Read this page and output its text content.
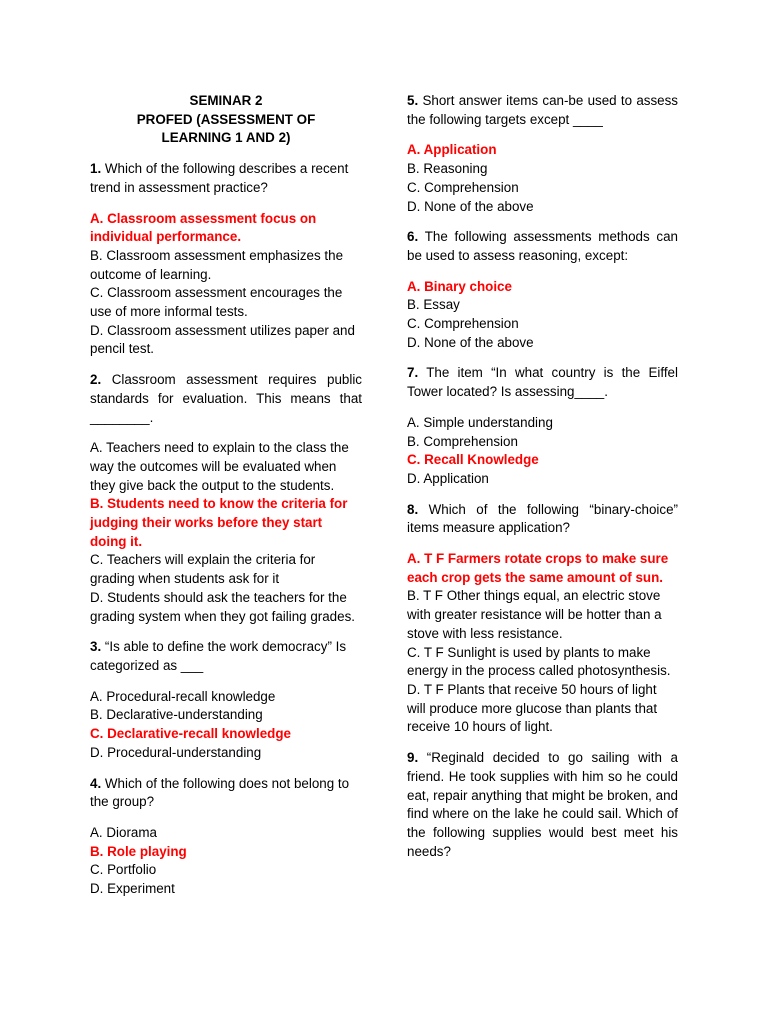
SEMINAR 2
PROFED (ASSESSMENT OF
LEARNING 1 AND 2)
1. Which of the following describes a recent trend in assessment practice?
A. Classroom assessment focus on individual performance.
B. Classroom assessment emphasizes the outcome of learning.
C. Classroom assessment encourages the use of more informal tests.
D. Classroom assessment utilizes paper and pencil test.
2. Classroom assessment requires public standards for evaluation. This means that ________.
A. Teachers need to explain to the class the way the outcomes will be evaluated when they give back the output to the students.
B. Students need to know the criteria for judging their works before they start doing it.
C. Teachers will explain the criteria for grading when students ask for it
D. Students should ask the teachers for the grading system when they got failing grades.
3. “Is able to define the work democracy” Is categorized as ___
A. Procedural-recall knowledge
B. Declarative-understanding
C. Declarative-recall knowledge
D. Procedural-understanding
4. Which of the following does not belong to the group?
A. Diorama
B. Role playing
C. Portfolio
D. Experiment
5. Short answer items can-be used to assess the following targets except ____
A. Application
B. Reasoning
C. Comprehension
D. None of the above
6. The following assessments methods can be used to assess reasoning, except:
A. Binary choice
B. Essay
C. Comprehension
D. None of the above
7. The item “In what country is the Eiffel Tower located? Is assessing____.
A. Simple understanding
B. Comprehension
C. Recall Knowledge
D. Application
8. Which of the following “binary-choice” items measure application?
A. T F Farmers rotate crops to make sure each crop gets the same amount of sun.
B. T F Other things equal, an electric stove with greater resistance will be hotter than a stove with less resistance.
C. T F Sunlight is used by plants to make energy in the process called photosynthesis.
D. T F Plants that receive 50 hours of light will produce more glucose than plants that receive 10 hours of light.
9. “Reginald decided to go sailing with a friend. He took supplies with him so he could eat, repair anything that might be broken, and find where on the lake he could sail. Which of the following supplies would best meet his needs?
